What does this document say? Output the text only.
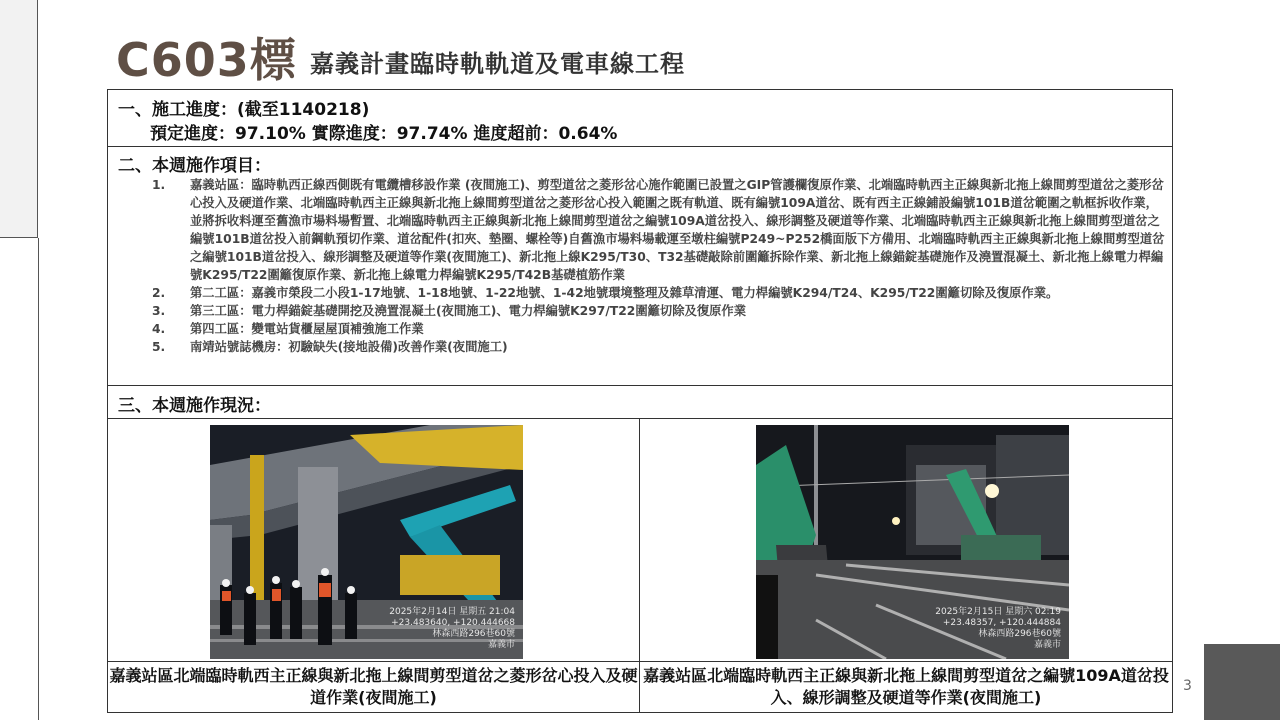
C603標 嘉義計畫臨時軌軌道及電車線工程
一、施工進度：(截至1140218)
預定進度：97.10% 實際進度：97.74% 進度超前：0.64%
二、本週施作項目：
1. 嘉義站區：臨時軌西正線西側既有電纜槽移設作業 (夜間施工)、剪型道岔之菱形岔心施作範圍已設置之GIP管護欄復原作業、北端臨時軌西主正線與新北拖上線間剪型道岔之菱形岔心投入及硬道作業、北端臨時軌西主正線與新北拖上線間剪型道岔之菱形岔心投入範圍之既有軌道、既有編號109A道岔、既有西主正線鋪設編號101B道岔範圍之軌框拆收作業，並將拆收料運至舊漁市場料場暫置、北端臨時軌西主正線與新北拖上線間剪型道岔之編號109A道岔投入、線形調整及硬道等作業、北端臨時軌西主正線與新北拖上線間剪型道岔之編號101B道岔投入前鋼軌預切作業、道岔配件(扣夾、墊圈、螺栓等)自舊漁市場料場載運至墩柱編號P249~P252橋面版下方備用、北端臨時軌西主正線與新北拖上線間剪型道岔之編號101B道岔投入、線形調整及硬道等作業(夜間施工)、新北拖上線K295/T30、T32基礎敲除前圍籬拆除作業、新北拖上線錨錠基礎施作及澆置混凝土、新北拖上線電力桿編號K295/T22圍籬復原作業、新北拖上線電力桿編號K295/T42B基礎植筋作業
2. 第二工區：嘉義市榮段二小段1-17地號、1-18地號、1-22地號、1-42地號環境整理及雜草清運、電力桿編號K294/T24、K295/T22圍籬切除及復原作業。
3. 第三工區：電力桿錨錠基礎開挖及澆置混凝土(夜間施工)、電力桿編號K297/T22圍籬切除及復原作業
4. 第四工區：變電站貨櫃屋屋頂補強施工作業
5. 南靖站號誌機房：初驗缺失(接地設備)改善作業(夜間施工)
三、本週施作現況：
2025年2月14日 星期五 21:04
+23.483640, +120.444668
林森西路296巷60號
嘉義市
2025年2月15日 星期六 02:19
+23.48357, +120.444884
林森西路296巷60號
嘉義市
嘉義站區北端臨時軌西主正線與新北拖上線間剪型道岔之菱形岔心投入及硬道作業(夜間施工)
嘉義站區北端臨時軌西主正線與新北拖上線間剪型道岔之編號109A道岔投入、線形調整及硬道等作業(夜間施工)
3
